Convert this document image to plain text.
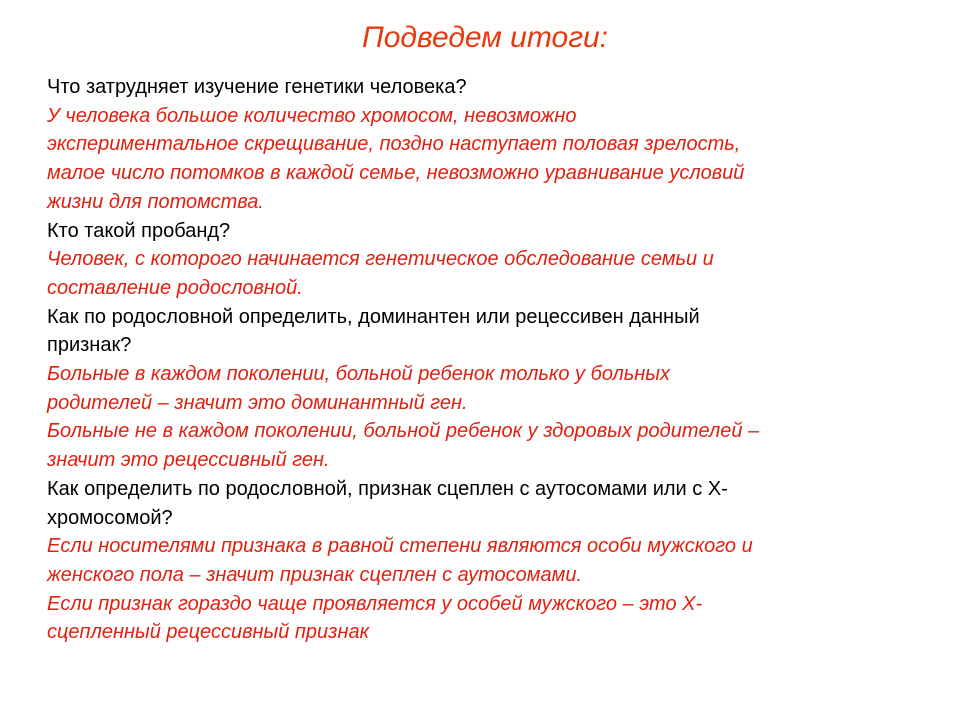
Подведем итоги:

Что затрудняет изучение генетики человека?

У человека большое количество хромосом, невозможно

экспериментальное скрещивание, поздно наступает половая зрелость,

малое число потомков в каждой семье, невозможно уравнивание условий

жизни для потомства.

Кто такой пробанд?

Человек, с которого начинается генетическое обследование семьи и

составление родословной.

Как по родословной определить, доминантен или рецессивен данный

признак?

Больные в каждом поколении, больной ребенок только у больных

родителей – значит это доминантный ген.

Больные не в каждом поколении, больной ребенок у здоровых родителей –

значит это рецессивный ген.

Как определить по родословной, признак сцеплен с аутосомами или с Х-

хромосомой?

Если носителями признака в равной степени являются особи мужского и

женского пола – значит признак сцеплен с аутосомами.

Если признак гораздо чаще проявляется у особей мужского – это Х-

сцепленный рецессивный признак
